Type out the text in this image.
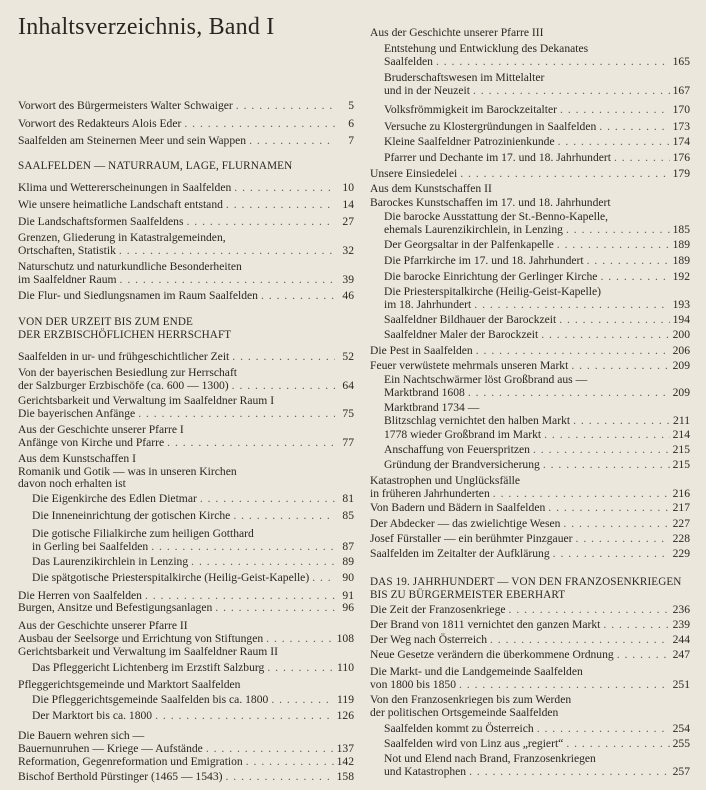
Inhaltsverzeichnis, Band I
Vorwort des Bürgermeisters Walter Schwaiger . . .	5
Vorwort des Redakteurs Alois Eder . . .	6
Saalfelden am Steinernen Meer und sein Wappen . . .	7
SAALFELDEN — NATURRAUM, LAGE, FLURNAMEN
Klima und Wettererscheinungen in Saalfelden . . .	10
Wie unsere heimatliche Landschaft entstand . . .	14
Die Landschaftsformen Saalfeldens . . .	27
Grenzen, Gliederung in Katastralgemeinden,
Ortschaften, Statistik . . .	32
Naturschutz und naturkundliche Besonderheiten
im Saalfeldner Raum . . .	39
Die Flur- und Siedlungsnamen im Raum Saalfelden . . .	46
VON DER URZEIT BIS ZUM ENDE
DER ERZBISCHÖFLICHEN HERRSCHAFT
Saalfelden in ur- und frühgeschichtlicher Zeit . . .	52
Von der bayerischen Besiedlung zur Herrschaft
der Salzburger Erzbischöfe (ca. 600 — 1300) . . .	64
Gerichtsbarkeit und Verwaltung im Saalfeldner Raum I
Die bayerischen Anfänge . . .	75
Aus der Geschichte unserer Pfarre I
Anfänge von Kirche und Pfarre . . .	77
Aus dem Kunstschaffen I
Romanik und Gotik — was in unseren Kirchen
davon noch erhalten ist
Die Eigenkirche des Edlen Dietmar . . .	81
Die Inneneinrichtung der gotischen Kirche . . .	85
Die gotische Filialkirche zum heiligen Gotthard
in Gerling bei Saalfelden . . .	87
Das Laurenzikirchlein in Lenzing . . .	89
Die spätgotische Priesterspitalkirche (Heilig-Geist-Kapelle) . . .	90
Die Herren von Saalfelden . . .	91
Burgen, Ansitze und Befestigungsanlagen . . .	96
Aus der Geschichte unserer Pfarre II
Ausbau der Seelsorge und Errichtung von Stiftungen . . .	108
Gerichtsbarkeit und Verwaltung im Saalfeldner Raum II
Das Pfleggericht Lichtenberg im Erzstift Salzburg . . .	110
Pfleggerichtsgemeinde und Marktort Saalfelden
Die Pfleggerichtsgemeinde Saalfelden bis ca. 1800 . . .	119
Der Marktort bis ca. 1800 . . .	126
Die Bauern wehren sich —
Bauernunruhen — Kriege — Aufstände . . .	137
Reformation, Gegenreformation und Emigration . . .	142
Bischof Berthold Pürstinger (1465 — 1543) . . .	158
Aus der Geschichte unserer Pfarre III
Entstehung und Entwicklung des Dekanates
Saalfelden . . .	165
Bruderschaftswesen im Mittelalter
und in der Neuzeit . . .	167
Volksfrömmigkeit im Barockzeitalter . . .	170
Versuche zu Klostergründungen in Saalfelden . . .	173
Kleine Saalfeldner Patrozinienkunde . . .	174
Pfarrer und Dechante im 17. und 18. Jahrhundert . . .	176
Unsere Einsiedelei . . .	179
Aus dem Kunstschaffen II
Barockes Kunstschaffen im 17. und 18. Jahrhundert
Die barocke Ausstattung der St.-Benno-Kapelle,
ehemals Laurenzikirchlein, in Lenzing . . .	185
Der Georgsaltar in der Palfenkapelle . . .	189
Die Pfarrkirche im 17. und 18. Jahrhundert . . .	189
Die barocke Einrichtung der Gerlinger Kirche . . .	192
Die Priesterspitalkirche (Heilig-Geist-Kapelle)
im 18. Jahrhundert . . .	193
Saalfeldner Bildhauer der Barockzeit . . .	194
Saalfeldner Maler der Barockzeit . . .	200
Die Pest in Saalfelden . . .	206
Feuer verwüstete mehrmals unseren Markt . . .	209
Ein Nachtschwärmer löst Großbrand aus —
Marktbrand 1608 . . .	209
Marktbrand 1734 —
Blitzschlag vernichtet den halben Markt . . .	211
1778 wieder Großbrand im Markt . . .	214
Anschaffung von Feuerspritzen . . .	215
Gründung der Brandversicherung . . .	215
Katastrophen und Unglücksfälle
in früheren Jahrhunderten . . .	216
Von Badern und Bädern in Saalfelden . . .	217
Der Abdecker — das zwielichtige Wesen . . .	227
Josef Fürstaller — ein berühmter Pinzgauer . . .	228
Saalfelden im Zeitalter der Aufklärung . . .	229
DAS 19. JAHRHUNDERT — VON DEN FRANZOSENKRIEGEN
BIS ZU BÜRGERMEISTER EBERHART
Die Zeit der Franzosenkriege . . .	236
Der Brand von 1811 vernichtet den ganzen Markt . . .	239
Der Weg nach Österreich . . .	244
Neue Gesetze verändern die überkommene Ordnung . . .	247
Die Markt- und die Landgemeinde Saalfelden
von 1800 bis 1850 . . .	251
Von den Franzosenkriegen bis zum Werden
der politischen Ortsgemeinde Saalfelden
Saalfelden kommt zu Österreich . . .	254
Saalfelden wird von Linz aus „regiert“ . . .	255
Not und Elend nach Brand, Franzosenkriegen
und Katastrophen . . .	257
